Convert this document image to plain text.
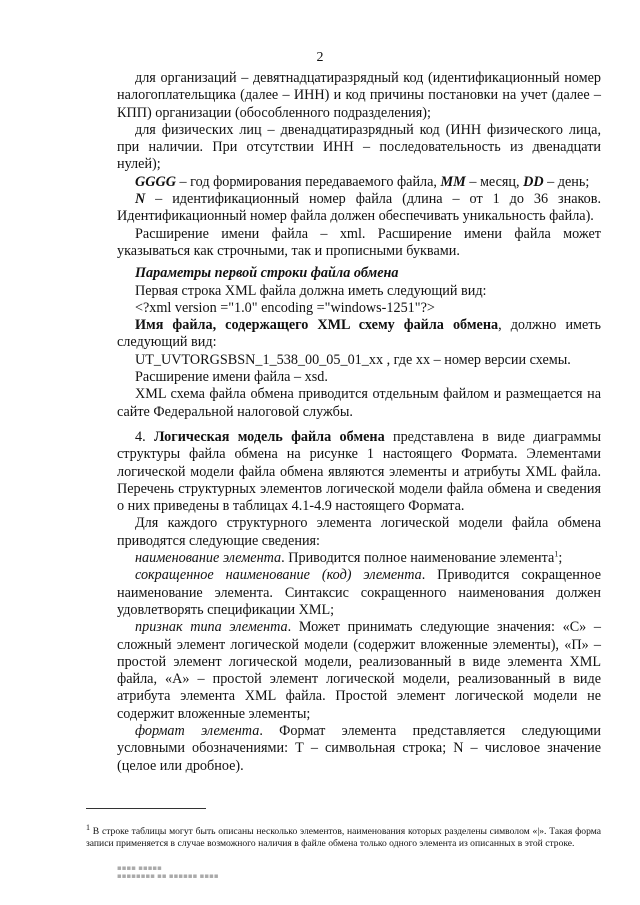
2

для организаций – девятнадцатиразрядный код (идентификационный номер налогоплательщика (далее – ИНН) и код причины постановки на учет (далее – КПП) организации (обособленного подразделения);

для физических лиц – двенадцатиразрядный код (ИНН физического лица, при наличии. При отсутствии ИНН – последовательность из двенадцати нулей);

GGGG – год формирования передаваемого файла, MM – месяц, DD – день;

N – идентификационный номер файла (длина – от 1 до 36 знаков. Идентификационный номер файла должен обеспечивать уникальность файла).

Расширение имени файла – xml. Расширение имени файла может указываться как строчными, так и прописными буквами.

Параметры первой строки файла обмена

Первая строка XML файла должна иметь следующий вид:

<?xml version ="1.0" encoding ="windows-1251"?>

Имя файла, содержащего XML схему файла обмена, должно иметь следующий вид:

UT_UVTORGSBSN_1_538_00_05_01_xx , где хх – номер версии схемы.

Расширение имени файла – xsd.

XML схема файла обмена приводится отдельным файлом и размещается на сайте Федеральной налоговой службы.

4. Логическая модель файла обмена представлена в виде диаграммы структуры файла обмена на рисунке 1 настоящего Формата. Элементами логической модели файла обмена являются элементы и атрибуты XML файла. Перечень структурных элементов логической модели файла обмена и сведения о них приведены в таблицах 4.1-4.9 настоящего Формата.

Для каждого структурного элемента логической модели файла обмена приводятся следующие сведения:

наименование элемента. Приводится полное наименование элемента$^1$;

сокращенное наименование (код) элемента. Приводится сокращенное наименование элемента. Синтаксис сокращенного наименования должен удовлетворять спецификации XML;

признак типа элемента. Может принимать следующие значения: «С» – сложный элемент логической модели (содержит вложенные элементы), «П» – простой элемент логической модели, реализованный в виде элемента XML файла, «А» – простой элемент логической модели, реализованный в виде атрибута элемента XML файла. Простой элемент логической модели не содержит вложенные элементы;

формат элемента. Формат элемента представляется следующими условными обозначениями: Т – символьная строка; N – числовое значение (целое или дробное).

$^1$ В строке таблицы могут быть описаны несколько элементов, наименования которых разделены символом «|». Такая форма записи применяется в случае возможного наличия в файле обмена только одного элемента из описанных в этой строке.
▪▪▪▪ ▪▪▪▪▪
▪▪▪▪▪▪▪▪ ▪▪ ▪▪▪▪▪▪ ▪▪▪▪
